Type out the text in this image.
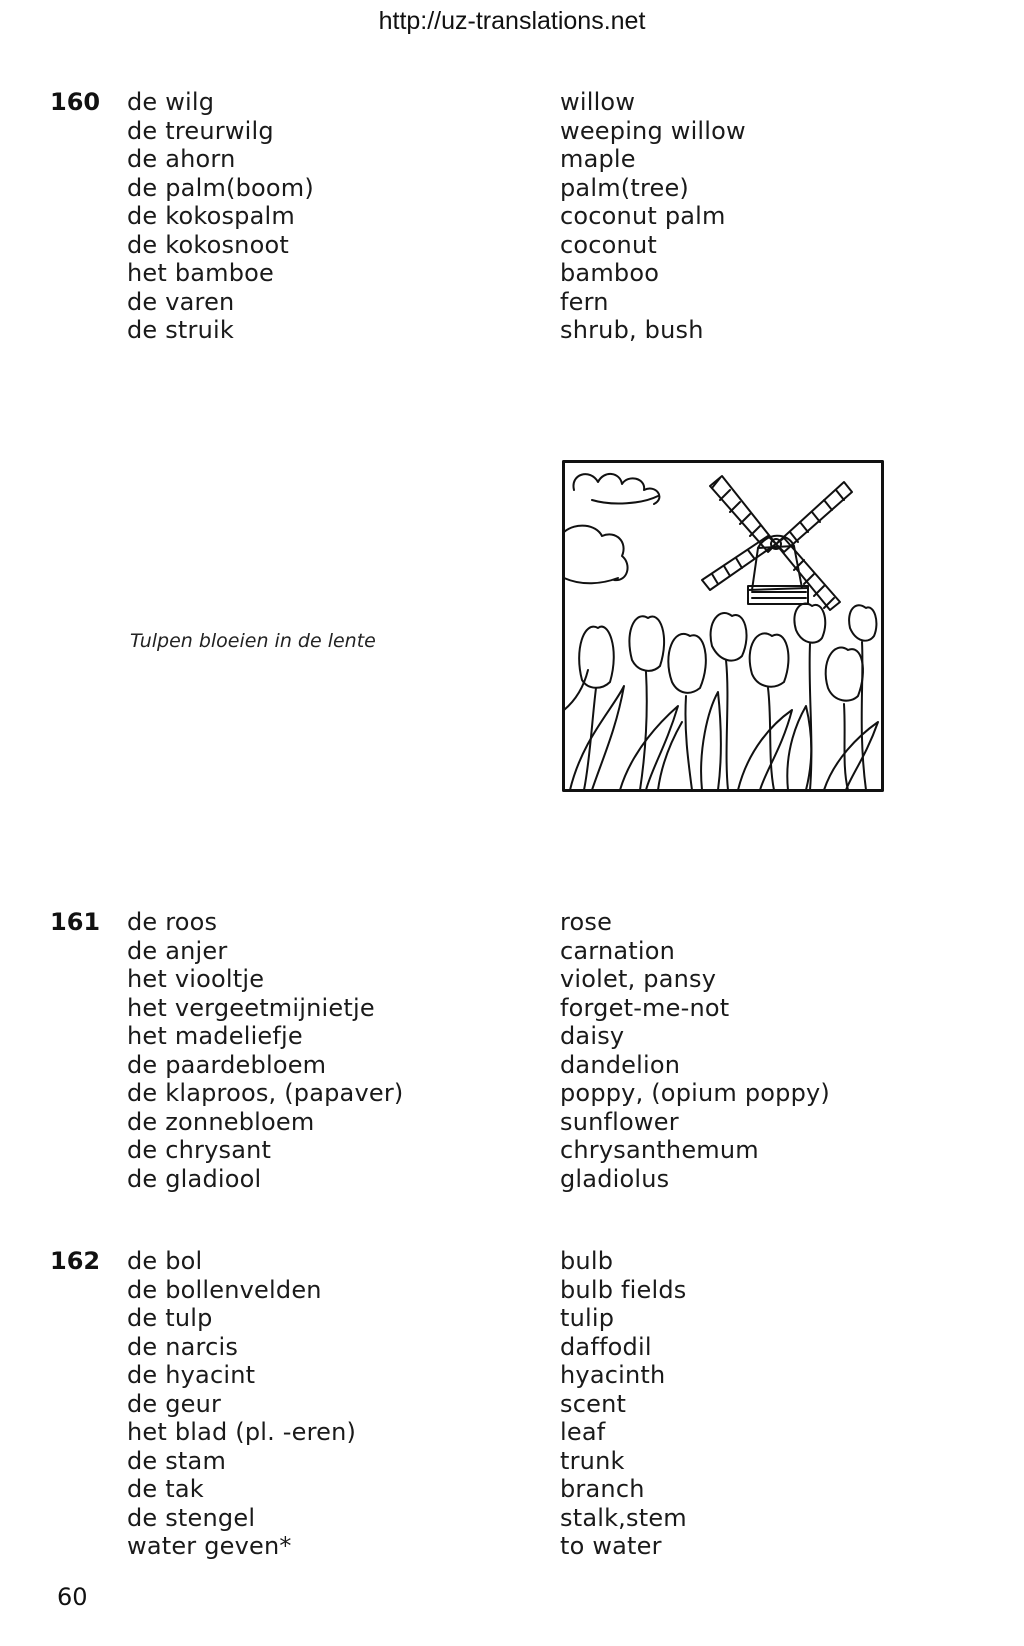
http://uz-translations.net
160 de wilg
de treurwilg
de ahorn
de palm(boom)
de kokospalm
de kokosnoot
het bamboe
de varen
de struik
willow
weeping willow
maple
palm(tree)
coconut palm
coconut
bamboo
fern
shrub, bush
Tulpen bloeien in de lente
161 de roos
de anjer
het viooltje
het vergeetmijnietje
het madeliefje
de paardebloem
de klaproos, (papaver)
de zonnebloem
de chrysant
de gladiool
rose
carnation
violet, pansy
forget-me-not
daisy
dandelion
poppy, (opium poppy)
sunflower
chrysanthemum
gladiolus
162 de bol
de bollenvelden
de tulp
de narcis
de hyacint
de geur
het blad (pl. -eren)
de stam
de tak
de stengel
water geven*
bulb
bulb fields
tulip
daffodil
hyacinth
scent
leaf
trunk
branch
stalk,stem
to water
60
